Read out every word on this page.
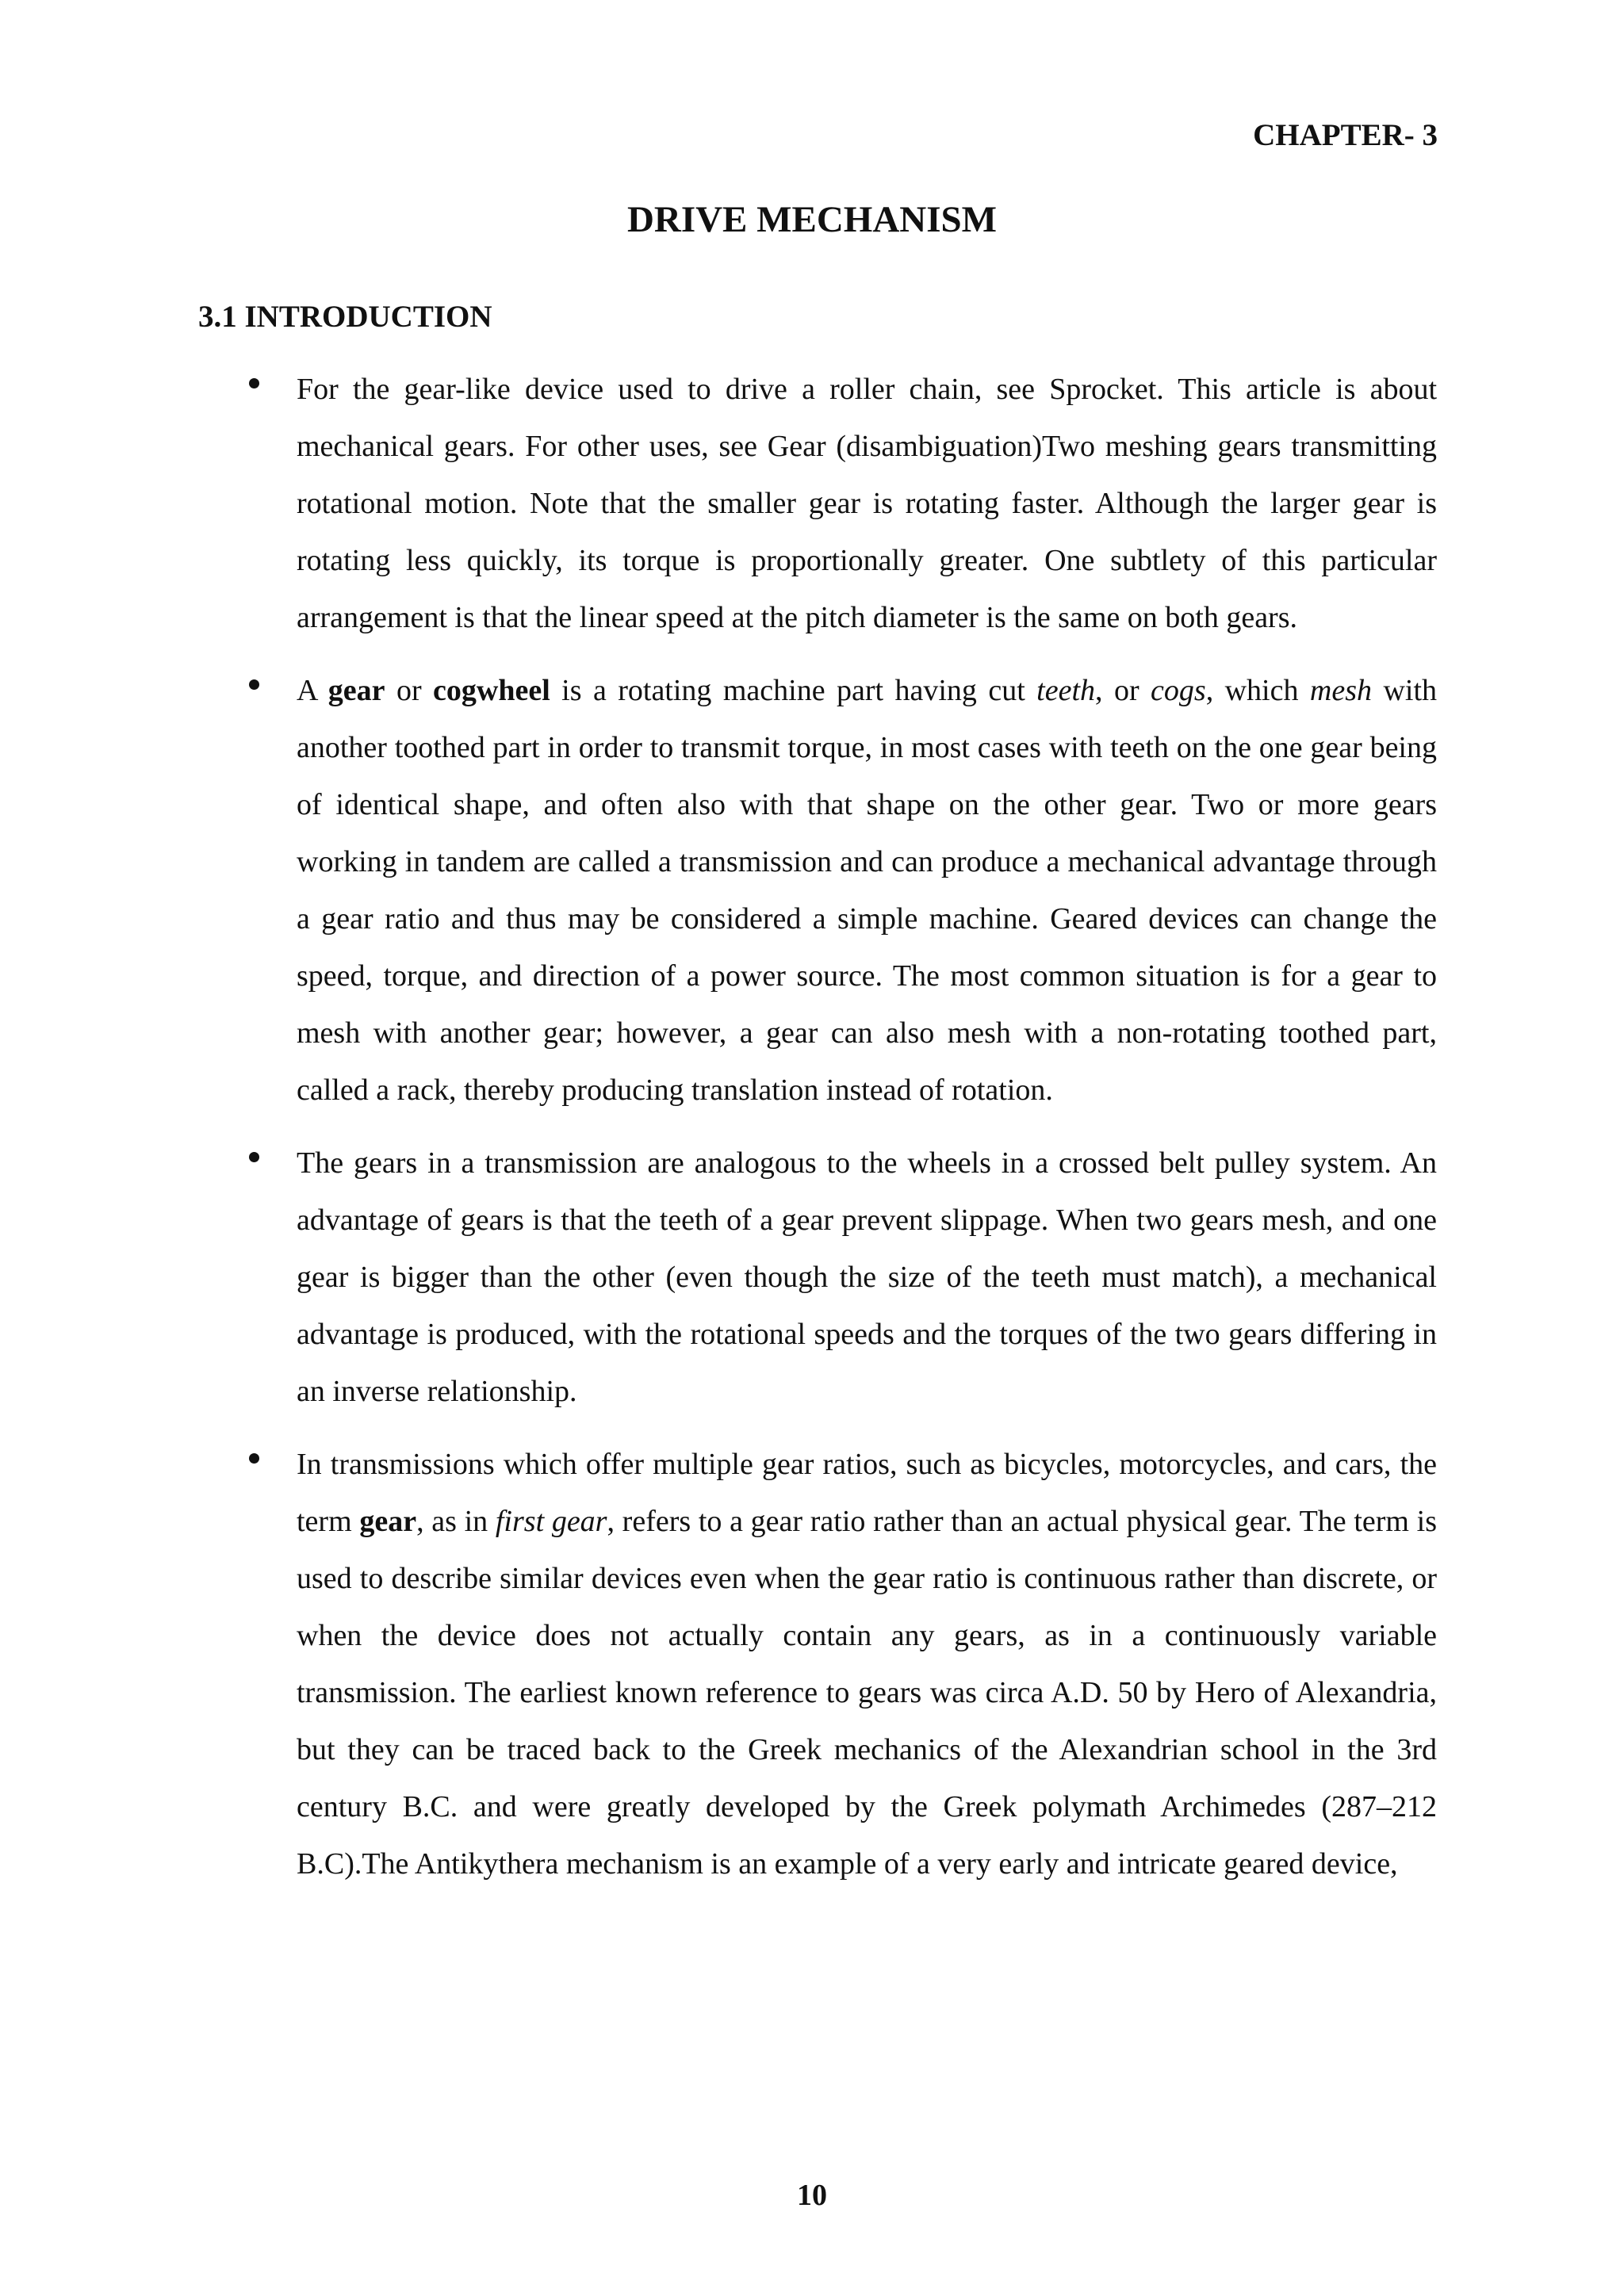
CHAPTER- 3
DRIVE MECHANISM
3.1 INTRODUCTION

For the gear-like device used to drive a roller chain, see Sprocket. This article is about mechanical gears. For other uses, see Gear (disambiguation)Two meshing gears transmitting rotational motion. Note that the smaller gear is rotating faster. Although the larger gear is rotating less quickly, its torque is proportionally greater. One subtlety of this particular arrangement is that the linear speed at the pitch diameter is the same on both gears.

A gear or cogwheel is a rotating machine part having cut teeth, or cogs, which mesh with another toothed part in order to transmit torque, in most cases with teeth on the one gear being of identical shape, and often also with that shape on the other gear. Two or more gears working in tandem are called a transmission and can produce a mechanical advantage through a gear ratio and thus may be considered a simple machine. Geared devices can change the speed, torque, and direction of a power source. The most common situation is for a gear to mesh with another gear; however, a gear can also mesh with a non-rotating toothed part, called a rack, thereby producing translation instead of rotation.

The gears in a transmission are analogous to the wheels in a crossed belt pulley system. An advantage of gears is that the teeth of a gear prevent slippage. When two gears mesh, and one gear is bigger than the other (even though the size of the teeth must match), a mechanical advantage is produced, with the rotational speeds and the torques of the two gears differing in an inverse relationship.

In transmissions which offer multiple gear ratios, such as bicycles, motorcycles, and cars, the term gear, as in first gear, refers to a gear ratio rather than an actual physical gear. The term is used to describe similar devices even when the gear ratio is continuous rather than discrete, or when the device does not actually contain any gears, as in a continuously variable transmission. The earliest known reference to gears was circa A.D. 50 by Hero of Alexandria, but they can be traced back to the Greek mechanics of the Alexandrian school in the 3rd century B.C. and were greatly developed by the Greek polymath Archimedes (287–212 B.C).The Antikythera mechanism is an example of a very early and intricate geared device,

10
